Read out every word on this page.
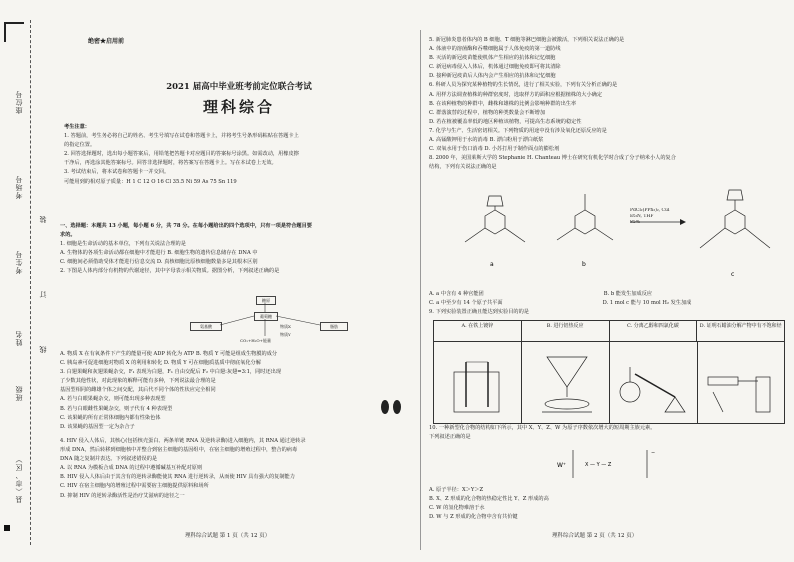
座位号
考场号
考生号
姓名
班级
县（市、区）
装
订
线
绝密★启用前
2021 届高中毕业班考前定位联合考试
理科综合

考生注意：

1. 答题前，考生务必将自己的姓名、考生号填写在试卷和答题卡上，并将考生号条形码粘贴在答题卡上

的指定位置。

2. 回答选择题时，选出每小题答案后，用铅笔把答题卡对应题目的答案标号涂黑。如需改动，用橡皮擦

干净后，再选涂其他答案标号。回答非选择题时，将答案写在答题卡上。写在本试卷上无效。

3. 考试结束后，将本试卷和答题卡一并交回。

可能用到的相对原子质量：H 1 C 12 O 16 Cl 35.5 Ni 59 As 75 Sn 119

一、选择题：本题共 13 小题，每小题 6 分，共 78 分。在每小题给出的四个选项中，只有一项是符合题目要

求的。

1. 细胞是生命活动的基本单位，下列有关说法合理的是

A. 生物体的各项生命活动都在细胞中才能进行 B. 细胞生物的遗传信息储存在 DNA 中

C. 细胞间必须借助受体才能进行信息交流 D. 真核细胞比原核细胞数量多是其根本区别

2. 下图是人体内部分有机物的代谢途径，其中字母表示相关物质。据图分析，下列叙述正确的是

糖原
葡萄糖
氨基酸	脂肪
物质X
物质Y
CO₂+H₂O+能量

A. 物质 X 在有氧条件下产生的能量可使 ADP 转化为 ATP B. 物质 Y 可能是组成生物膜的成分

C. 胰岛素可促进细胞对物质 X 的利用和转化 D. 物质 Y 可在细胞质基质中彻底氧化分解

3. 白翅果蝇和灰翅果蝇杂交，F₁ 表现为白翅，F₁ 自由交配后 F₂ 中白翅:灰翅=3:1，同时还出现

了少数其他性状，对此现象的解释可能有多种，下列说法最合理的是

基因型相同的雌雄个体之间交配，其后代不同个体的性状应完全相同

A. 若与白眼果蝇杂交，则可能出现多种表现型

B. 若与白眼雌性果蝇杂交，则子代有 4 种表现型

C. 该果蝇的所有正常体细胞内都有性染色体

D. 该果蝇的基因型一定为杂合子

4. HIV 侵入人体后，其核心(包括核壳蛋白、两条单链 RNA 及逆转录酶)进入细胞内，其 RNA 通过逆转录

形成 DNA，然后转移到细胞核中并整合到宿主细胞的基因组中，在宿主细胞的增殖过程中，整合的病毒

DNA 随之复制并表达。下列叙述错误的是

A. 以 RNA 为模板合成 DNA 的过程中遵循碱基互补配对原则

B. HIV 侵入人体后由于其含有的逆转录酶能使其 RNA 进行逆转录，从而使 HIV 具有强大的复制能力

C. HIV 在宿主细胞内的增殖过程中需要宿主细胞提供原料和场所

D. 抑制 HIV 的逆转录酶活性是治疗艾滋病的途径之一

5. 新冠肺炎患者体内的 B 细胞、T 细胞等淋巴细胞会被激活，下列相关说法正确的是

A. 体液中的溶菌酶和吞噬细胞属于人体免疫的第一道防线

B. 灭活的新冠疫苗能使机体产生相应的抗体和记忆细胞

C. 新冠病毒侵入人体后，机体通过细胞免疫即可将其清除

D. 接种新冠疫苗后人体内会产生相应的抗体和记忆细胞

6. 科研人员为探究某种植物的生长情况，进行了相关实验，下列有关分析正确的是

A. 用样方法调查植株的种群密度时，选取样方的面积应根据植株的大小确定

B. 在该种植物的种群中，雌株和雄株的比例会影响种群的出生率

C. 群落演替的过程中，植物的种类数量会不断增加

D. 若在植被覆盖率低的地区种植该植物，可提高生态系统的稳定性

7. 化学与生产、生活密切相关。下列物质的用途中没有涉及氧化还原反应的是

A. 高锰酸钾用于水的消毒 B. 漂白粉用于漂白纸浆

C. 双氧水用于伤口消毒 D. 小苏打用于制作面点的膨松剂

8. 2000 年，美国莱斯大学的 Stephanie H. Chanteau 博士在研究有机化学时合成了分子纳米小人的复合

结构，下列有关说法正确的是

a	b
c

PdCl₂(PPh₃)₂, CuI

Et₃N, THF

85%

A. a 中含有 4 种官能团	B. b 能发生加成反应

C. a 中至少有 14 个原子共平面	D. 1 mol c 能与 10 mol H₂ 发生加成

9. 下列实验装置正确且能达到实验目的的是

A. 在铁上镀锌	B. 进行铝热反应	C. 分离乙醇和四氯化碳	D. 证明石蜡油分解产物中有不饱和烃

10. 一种新型化合物的结构如下所示，其中 X、Y、Z、W 为原子序数依次增大的短周期主族元素。

下列叙述正确的是

W⁺	X — Y — Z
−

A. 原子半径：X＞Y＞Z

B. X、Z 形成的化合物的热稳定性比 Y、Z 形成的高

C. W 的氢化物难溶于水

D. W 与 Z 形成的化合物中含有共价键

理科综合试题 第 1 页（共 12 页）	理科综合试题 第 2 页（共 12 页）
